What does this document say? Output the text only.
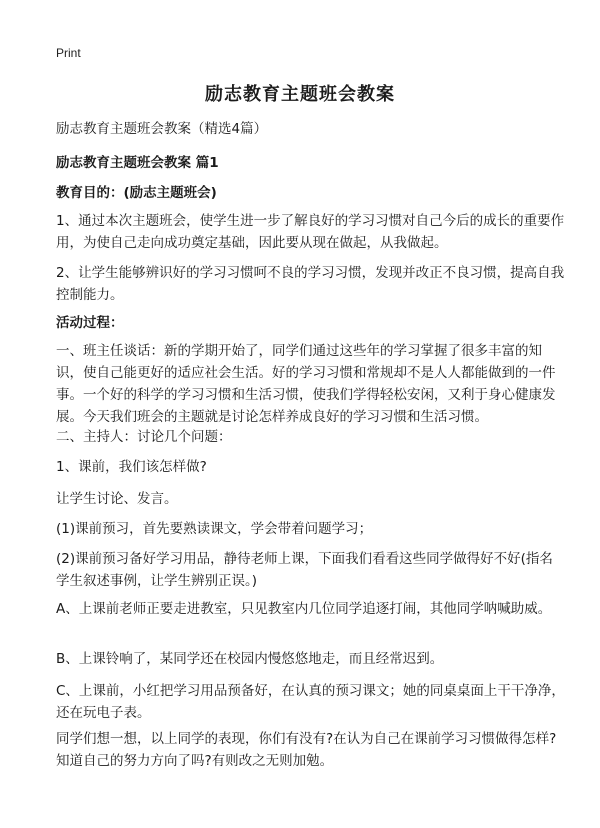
Print
励志教育主题班会教案

励志教育主题班会教案（精选4篇）

励志教育主题班会教案 篇1

教育目的：(励志主题班会)

1、通过本次主题班会，使学生进一步了解良好的学习习惯对自己今后的成长的重要作用，为使自己走向成功奠定基础，因此要从现在做起，从我做起。

2、让学生能够辨识好的学习习惯呵不良的学习习惯，发现并改正不良习惯，提高自我控制能力。

活动过程：

一、班主任谈话：新的学期开始了，同学们通过这些年的学习掌握了很多丰富的知识，使自己能更好的适应社会生活。好的学习习惯和常规却不是人人都能做到的一件事。一个好的科学的学习习惯和生活习惯，使我们学得轻松安闲，又利于身心健康发展。今天我们班会的主题就是讨论怎样养成良好的学习习惯和生活习惯。

二、主持人：讨论几个问题：

1、课前，我们该怎样做?

让学生讨论、发言。

(1)课前预习，首先要熟读课文，学会带着问题学习；

(2)课前预习备好学习用品，静待老师上课，下面我们看看这些同学做得好不好(指名学生叙述事例，让学生辨别正误。)

A、上课前老师正要走进教室，只见教室内几位同学追逐打闹，其他同学呐喊助威。

B、上课铃响了，某同学还在校园内慢悠悠地走，而且经常迟到。

C、上课前，小红把学习用品预备好，在认真的预习课文；她的同桌桌面上干干净净，还在玩电子表。

同学们想一想，以上同学的表现，你们有没有?在认为自己在课前学习习惯做得怎样?知道自己的努力方向了吗?有则改之无则加勉。
